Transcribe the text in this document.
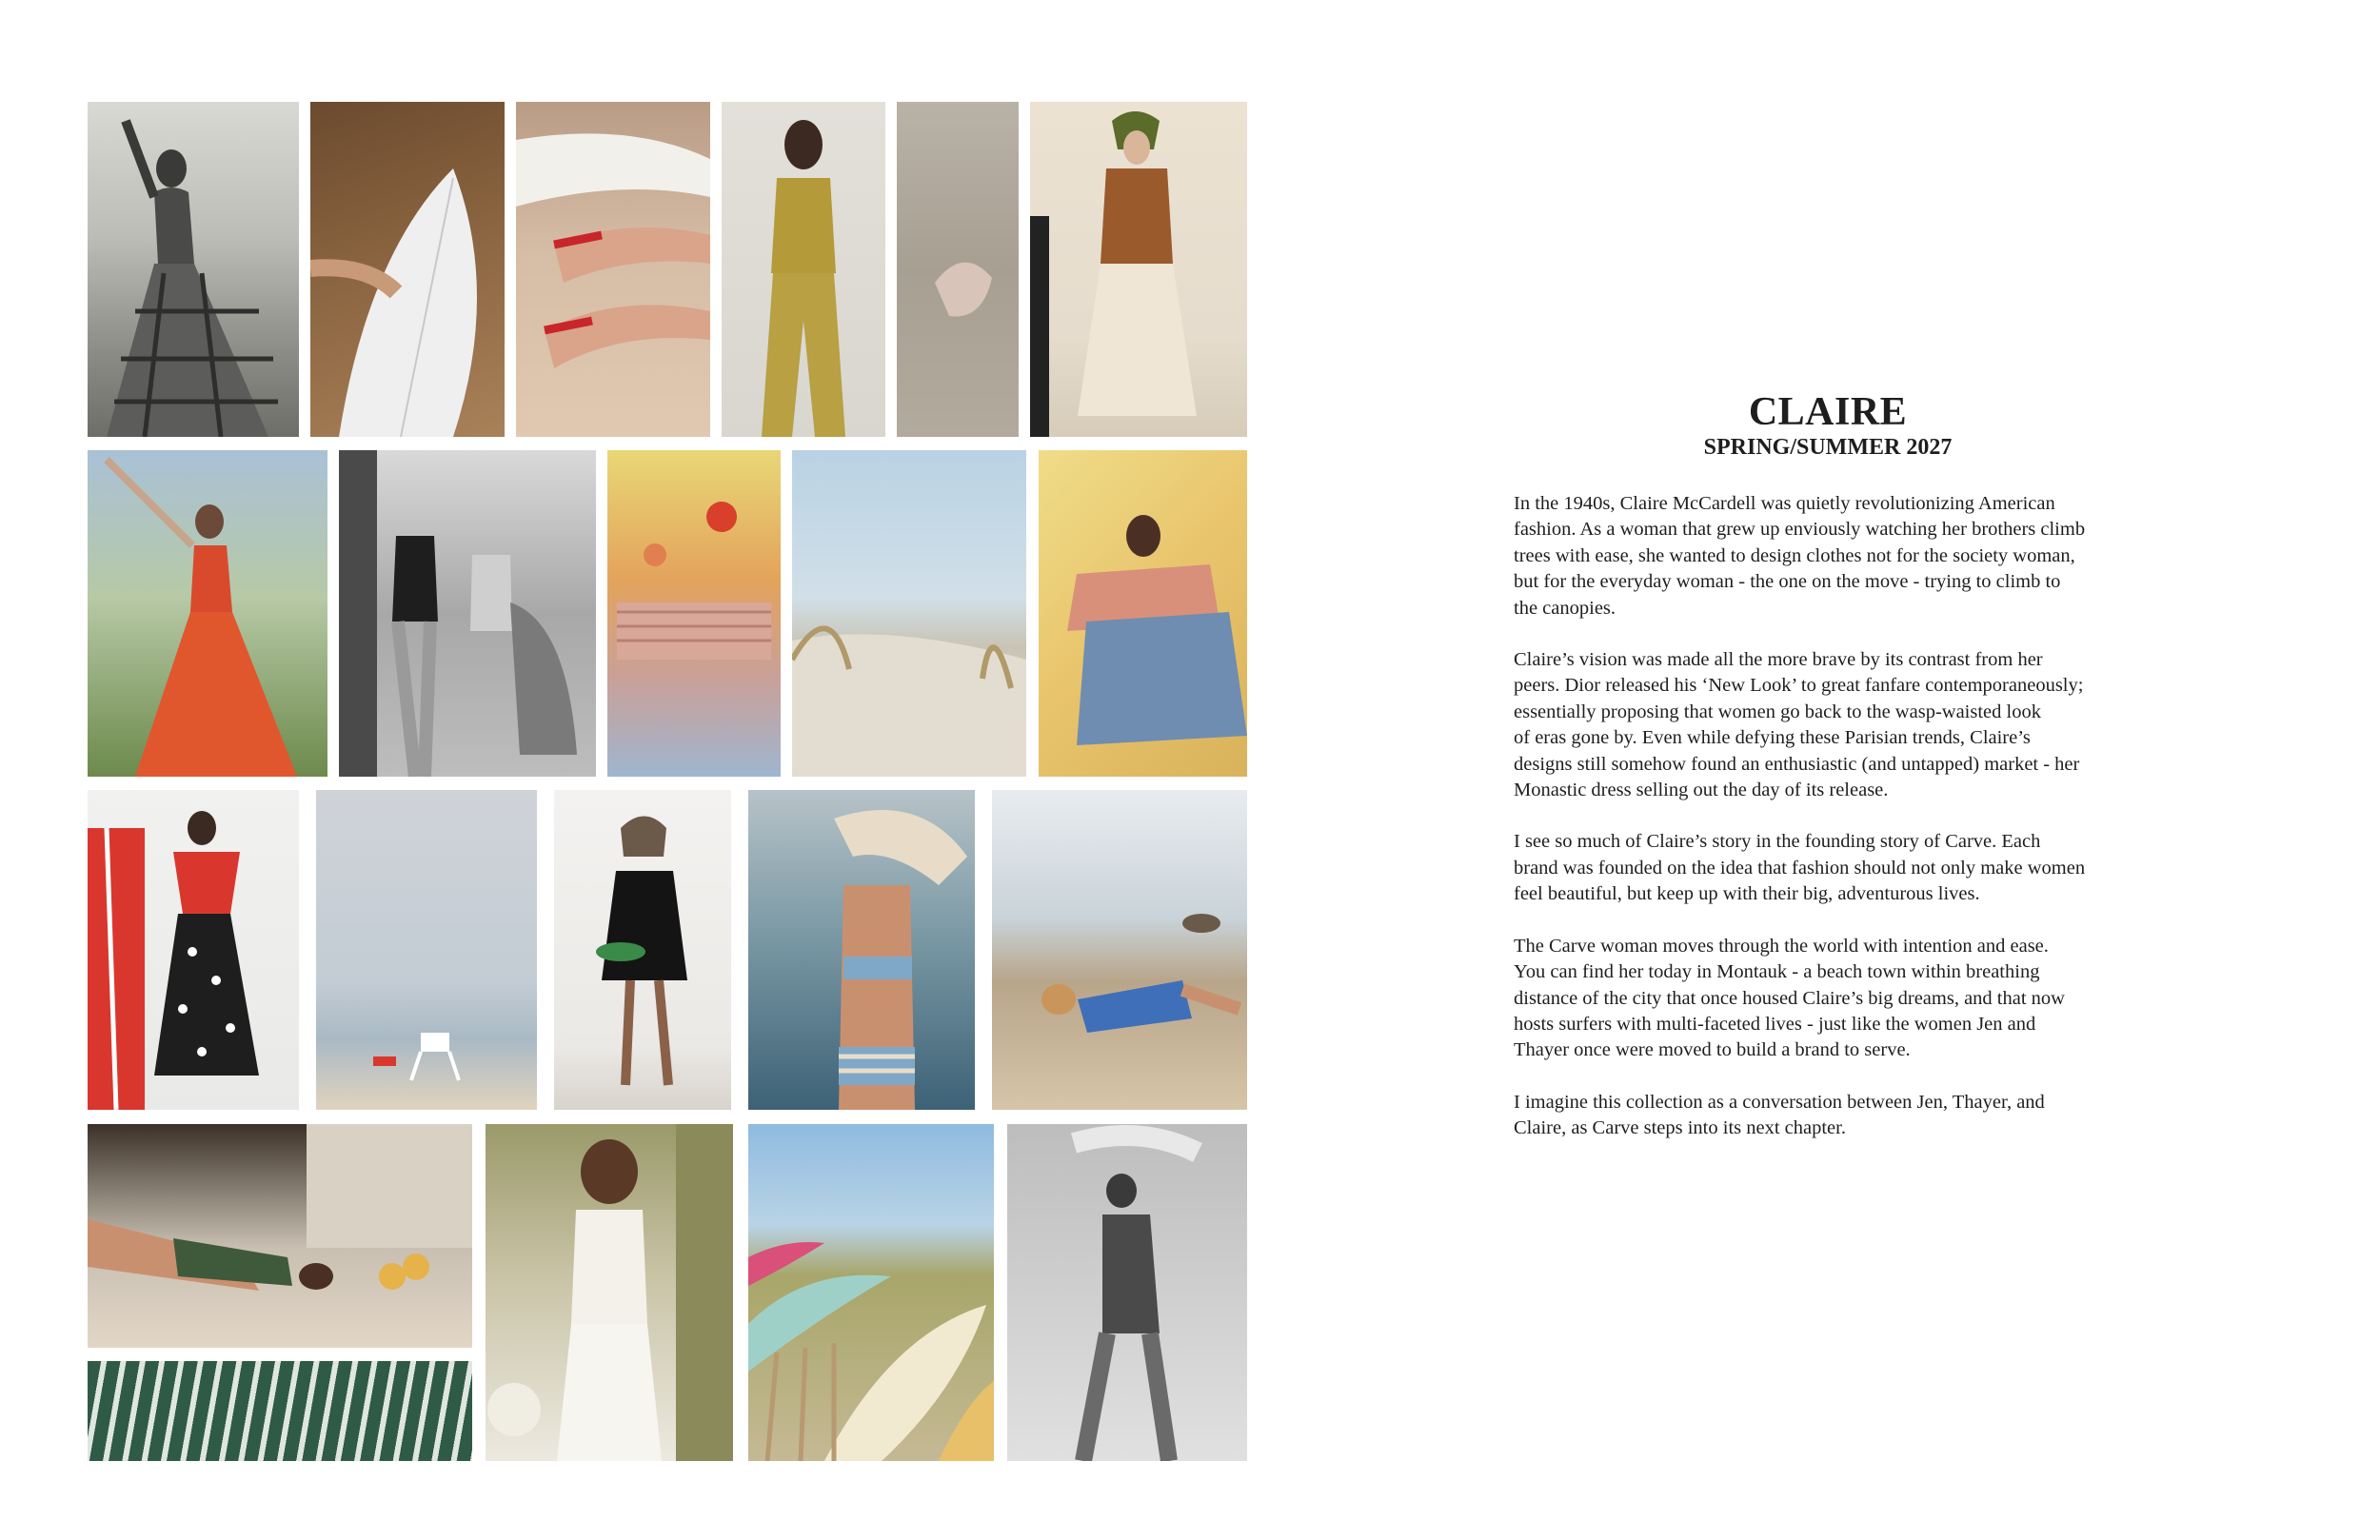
CLAIRE
SPRING/SUMMER 2027

In the 1940s, Claire McCardell was quietly revolutionizing American
fashion. As a woman that grew up enviously watching her brothers climb
trees with ease, she wanted to design clothes not for the society woman,
but for the everyday woman - the one on the move - trying to climb to
the canopies.

Claire’s vision was made all the more brave by its contrast from her
peers. Dior released his ‘New Look’ to great fanfare contemporaneously;
essentially proposing that women go back to the wasp-waisted look
of eras gone by. Even while defying these Parisian trends, Claire’s
designs still somehow found an enthusiastic (and untapped) market - her
Monastic dress selling out the day of its release.

I see so much of Claire’s story in the founding story of Carve. Each
brand was founded on the idea that fashion should not only make women
feel beautiful, but keep up with their big, adventurous lives.

The Carve woman moves through the world with intention and ease.
You can find her today in Montauk - a beach town within breathing
distance of the city that once housed Claire’s big dreams, and that now
hosts surfers with multi-faceted lives - just like the women Jen and
Thayer once were moved to build a brand to serve.

I imagine this collection as a conversation between Jen, Thayer, and
Claire, as Carve steps into its next chapter.
